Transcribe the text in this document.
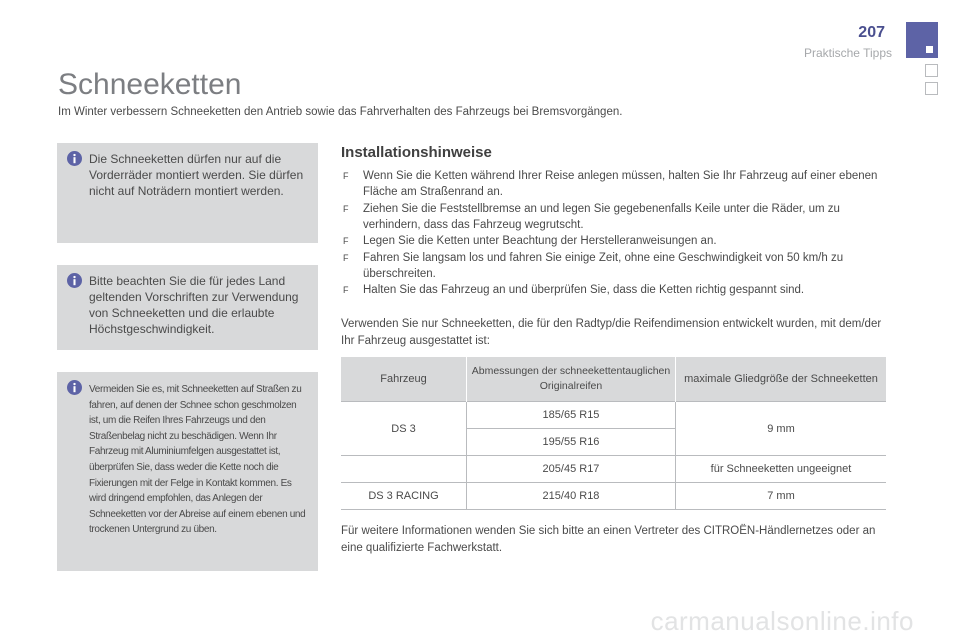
207
Praktische Tipps
Schneeketten
Im Winter verbessern Schneeketten den Antrieb sowie das Fahrverhalten des Fahrzeugs bei Bremsvorgängen.
Die Schneeketten dürfen nur auf die Vorderräder montiert werden. Sie dürfen nicht auf Noträdern montiert werden.
Bitte beachten Sie die für jedes Land geltenden Vorschriften zur Verwendung von Schneeketten und die erlaubte Höchstgeschwindigkeit.
Vermeiden Sie es, mit Schneeketten auf Straßen zu fahren, auf denen der Schnee schon geschmolzen ist, um die Reifen Ihres Fahrzeugs und den Straßenbelag nicht zu beschädigen. Wenn Ihr Fahrzeug mit Aluminiumfelgen ausgestattet ist, überprüfen Sie, dass weder die Kette noch die Fixierungen mit der Felge in Kontakt kommen. Es wird dringend empfohlen, das Anlegen der Schneeketten vor der Abreise auf einem ebenen und trockenen Untergrund zu üben.
Installationshinweise
F Wenn Sie die Ketten während Ihrer Reise anlegen müssen, halten Sie Ihr Fahrzeug auf einer ebenen Fläche am Straßenrand an.
F Ziehen Sie die Feststellbremse an und legen Sie gegebenenfalls Keile unter die Räder, um zu verhindern, dass das Fahrzeug wegrutscht.
F Legen Sie die Ketten unter Beachtung der Herstelleranweisungen an.
F Fahren Sie langsam los und fahren Sie einige Zeit, ohne eine Geschwindigkeit von 50 km/h zu überschreiten.
F Halten Sie das Fahrzeug an und überprüfen Sie, dass die Ketten richtig gespannt sind.
Verwenden Sie nur Schneeketten, die für den Radtyp/die Reifendimension entwickelt wurden, mit dem/der Ihr Fahrzeug ausgestattet ist:
Fahrzeug	Abmessungen der schneekettentauglichen Originalreifen	maximale Gliedgröße der Schneeketten
DS 3	185/65 R15	9 mm
	195/55 R16	
	205/45 R17	für Schneeketten ungeeignet
DS 3 RACING	215/40 R18	7 mm
Für weitere Informationen wenden Sie sich bitte an einen Vertreter des CITROËN-Händlernetzes oder an eine qualifizierte Fachwerkstatt.
carmanualsonline.info
